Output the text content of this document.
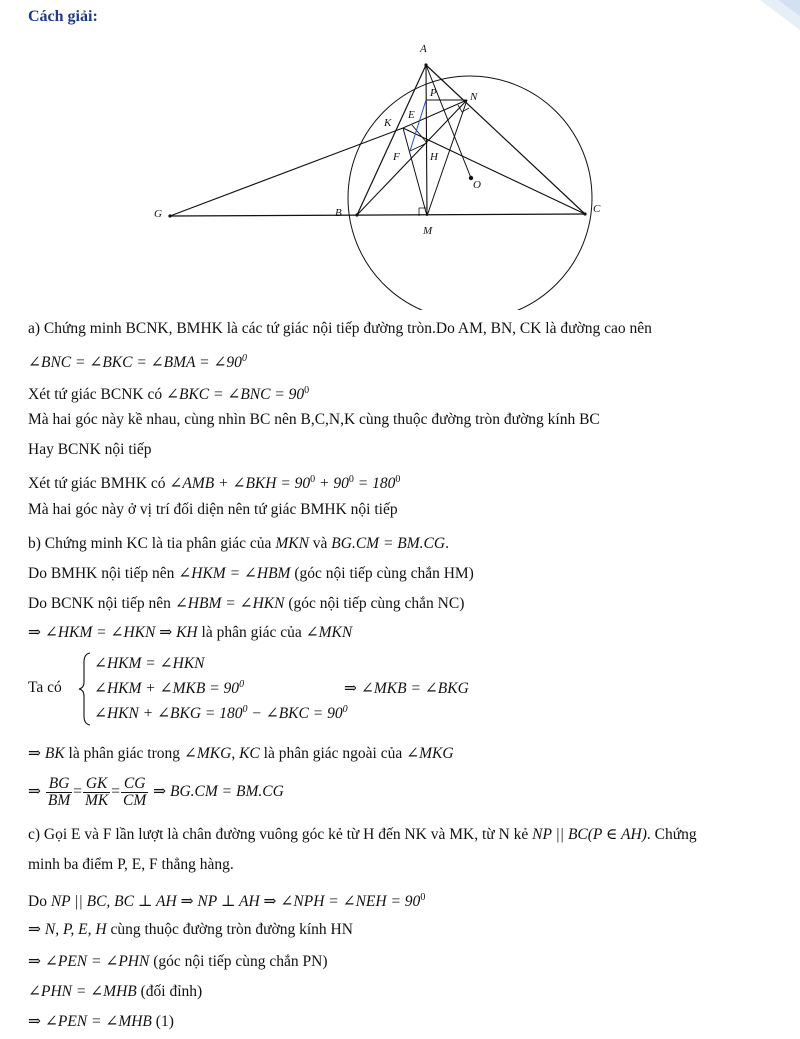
Cách giải:
A
P	N
E
K
F	H
O
G	B
M
C
a) Chứng minh BCNK, BMHK là các tứ giác nội tiếp đường tròn.Do AM, BN, CK là đường cao nên
∠BNC = ∠BKC = ∠BMA = $\angle 90^0$
Xét tứ giác BCNK có ∠BKC = ∠BNC = $90^0$
Mà hai góc này kề nhau, cùng nhìn BC nên B,C,N,K cùng thuộc đường tròn đường kính BC
Hay BCNK nội tiếp
Xét tứ giác BMHK có ∠AMB + ∠BKH = $90^0 + 90^0 = 180^0$
Mà hai góc này ở vị trí đối diện nên tứ giác BMHK nội tiếp
b) Chứng minh KC là tia phân giác của MKN và BG.CM = BM.CG.
Do BMHK nội tiếp nên ∠HKM = ∠HBM (góc nội tiếp cùng chắn HM)
Do BCNK nội tiếp nên ∠HBM = ∠HKN (góc nội tiếp cùng chắn NC)
⇒ ∠HKM = ∠HKN ⇒ KH là phân giác của ∠MKN
Ta có
∠HKM = ∠HKN
∠HKM + ∠MKB = $90^0$
∠HKN + ∠BKG = $180^0$ − ∠BKC = $90^0$
⇒ ∠MKB = ∠BKG
⇒ BK là phân giác trong ∠MKG, KC là phân giác ngoài của ∠MKG
⇒ $\frac{BG}{BM} = \frac{GK}{MK} = \frac{CG}{CM}$ ⇒ BG.CM = BM.CG
c) Gọi E và F lần lượt là chân đường vuông góc kẻ từ H đến NK và MK, từ N kẻ NP || BC(P ∈ AH). Chứng
minh ba điểm P, E, F thẳng hàng.
Do NP || BC, BC ⊥ AH ⇒ NP ⊥ AH ⇒ ∠NPH = ∠NEH = $90^0$
⇒ N, P, E, H cùng thuộc đường tròn đường kính HN
⇒ ∠PEN = ∠PHN (góc nội tiếp cùng chắn PN)
∠PHN = ∠MHB (đối đỉnh)
⇒ ∠PEN = ∠MHB (1)
